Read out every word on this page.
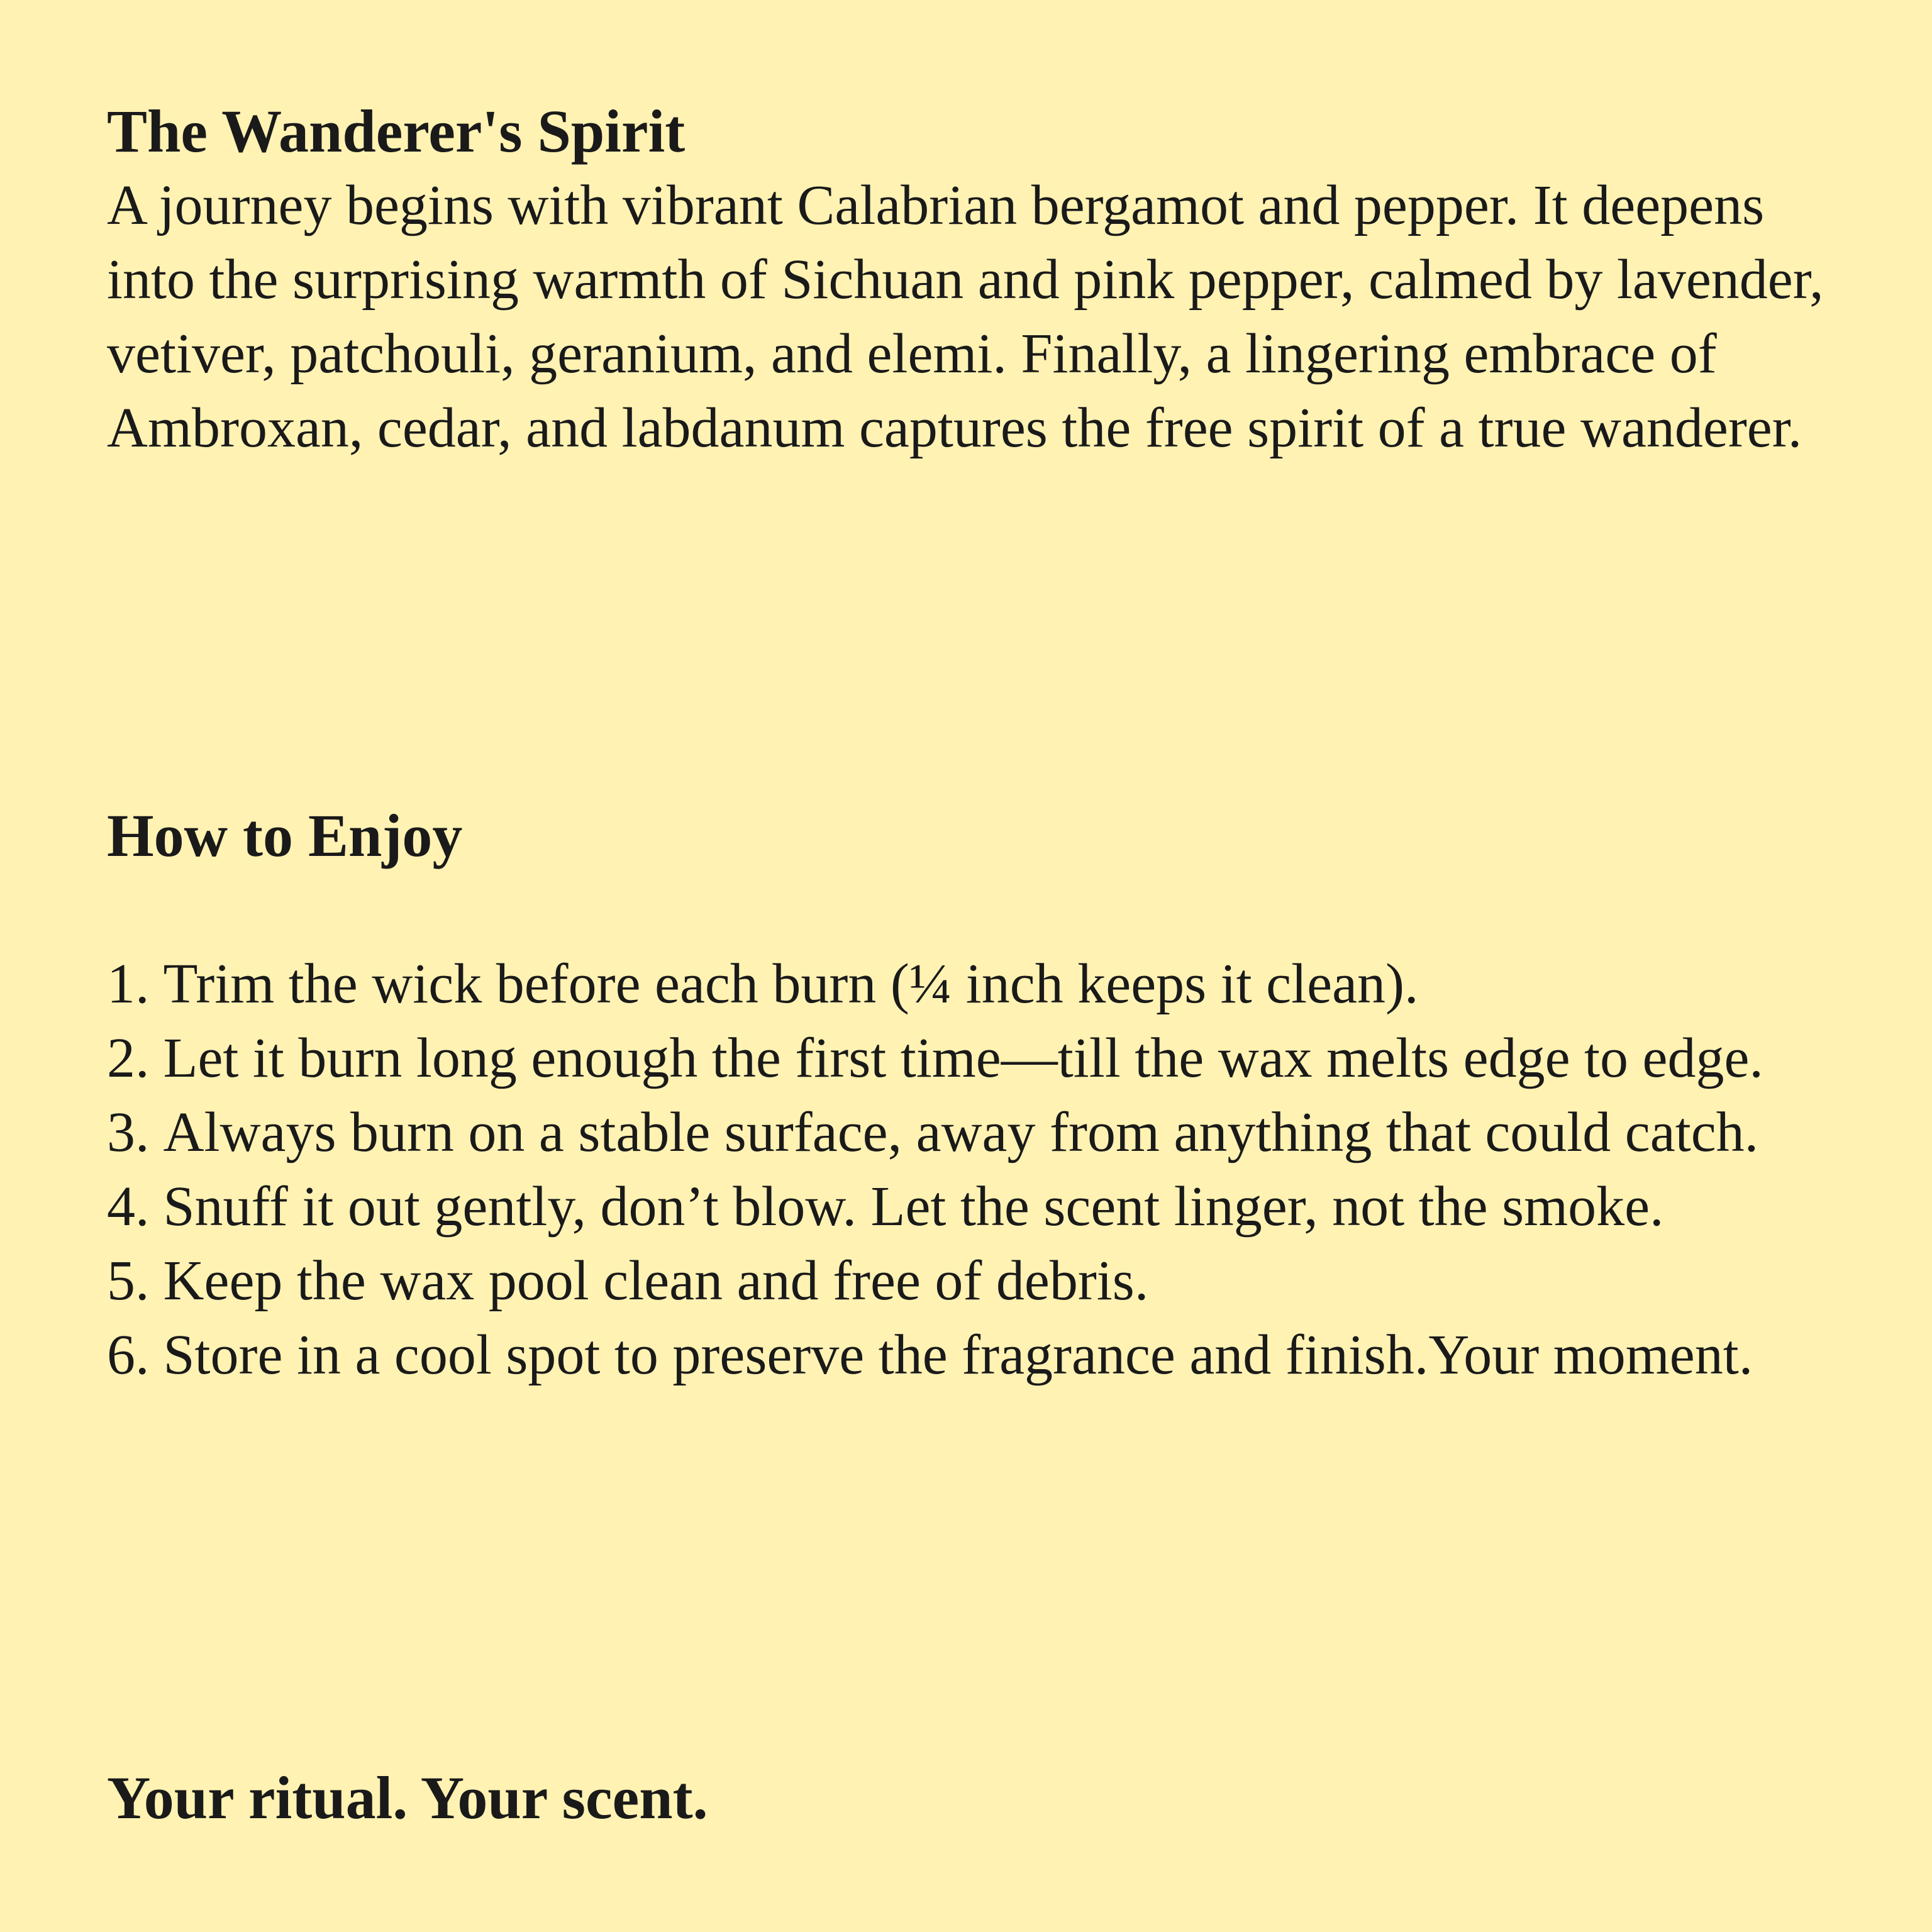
The Wanderer's Spirit

A journey begins with vibrant Calabrian bergamot and pepper. It deepens into the surprising warmth of Sichuan and pink pepper, calmed by lavender, vetiver, patchouli, geranium, and elemi. Finally, a lingering embrace of Ambroxan, cedar, and labdanum captures the free spirit of a true wanderer.

How to Enjoy
1. Trim the wick before each burn (¼ inch keeps it clean).
2. Let it burn long enough the first time—till the wax melts edge to edge.
3. Always burn on a stable surface, away from anything that could catch.
4. Snuff it out gently, don’t blow. Let the scent linger, not the smoke.
5. Keep the wax pool clean and free of debris.
6. Store in a cool spot to preserve the fragrance and finish.Your moment.

Your ritual. Your scent.
